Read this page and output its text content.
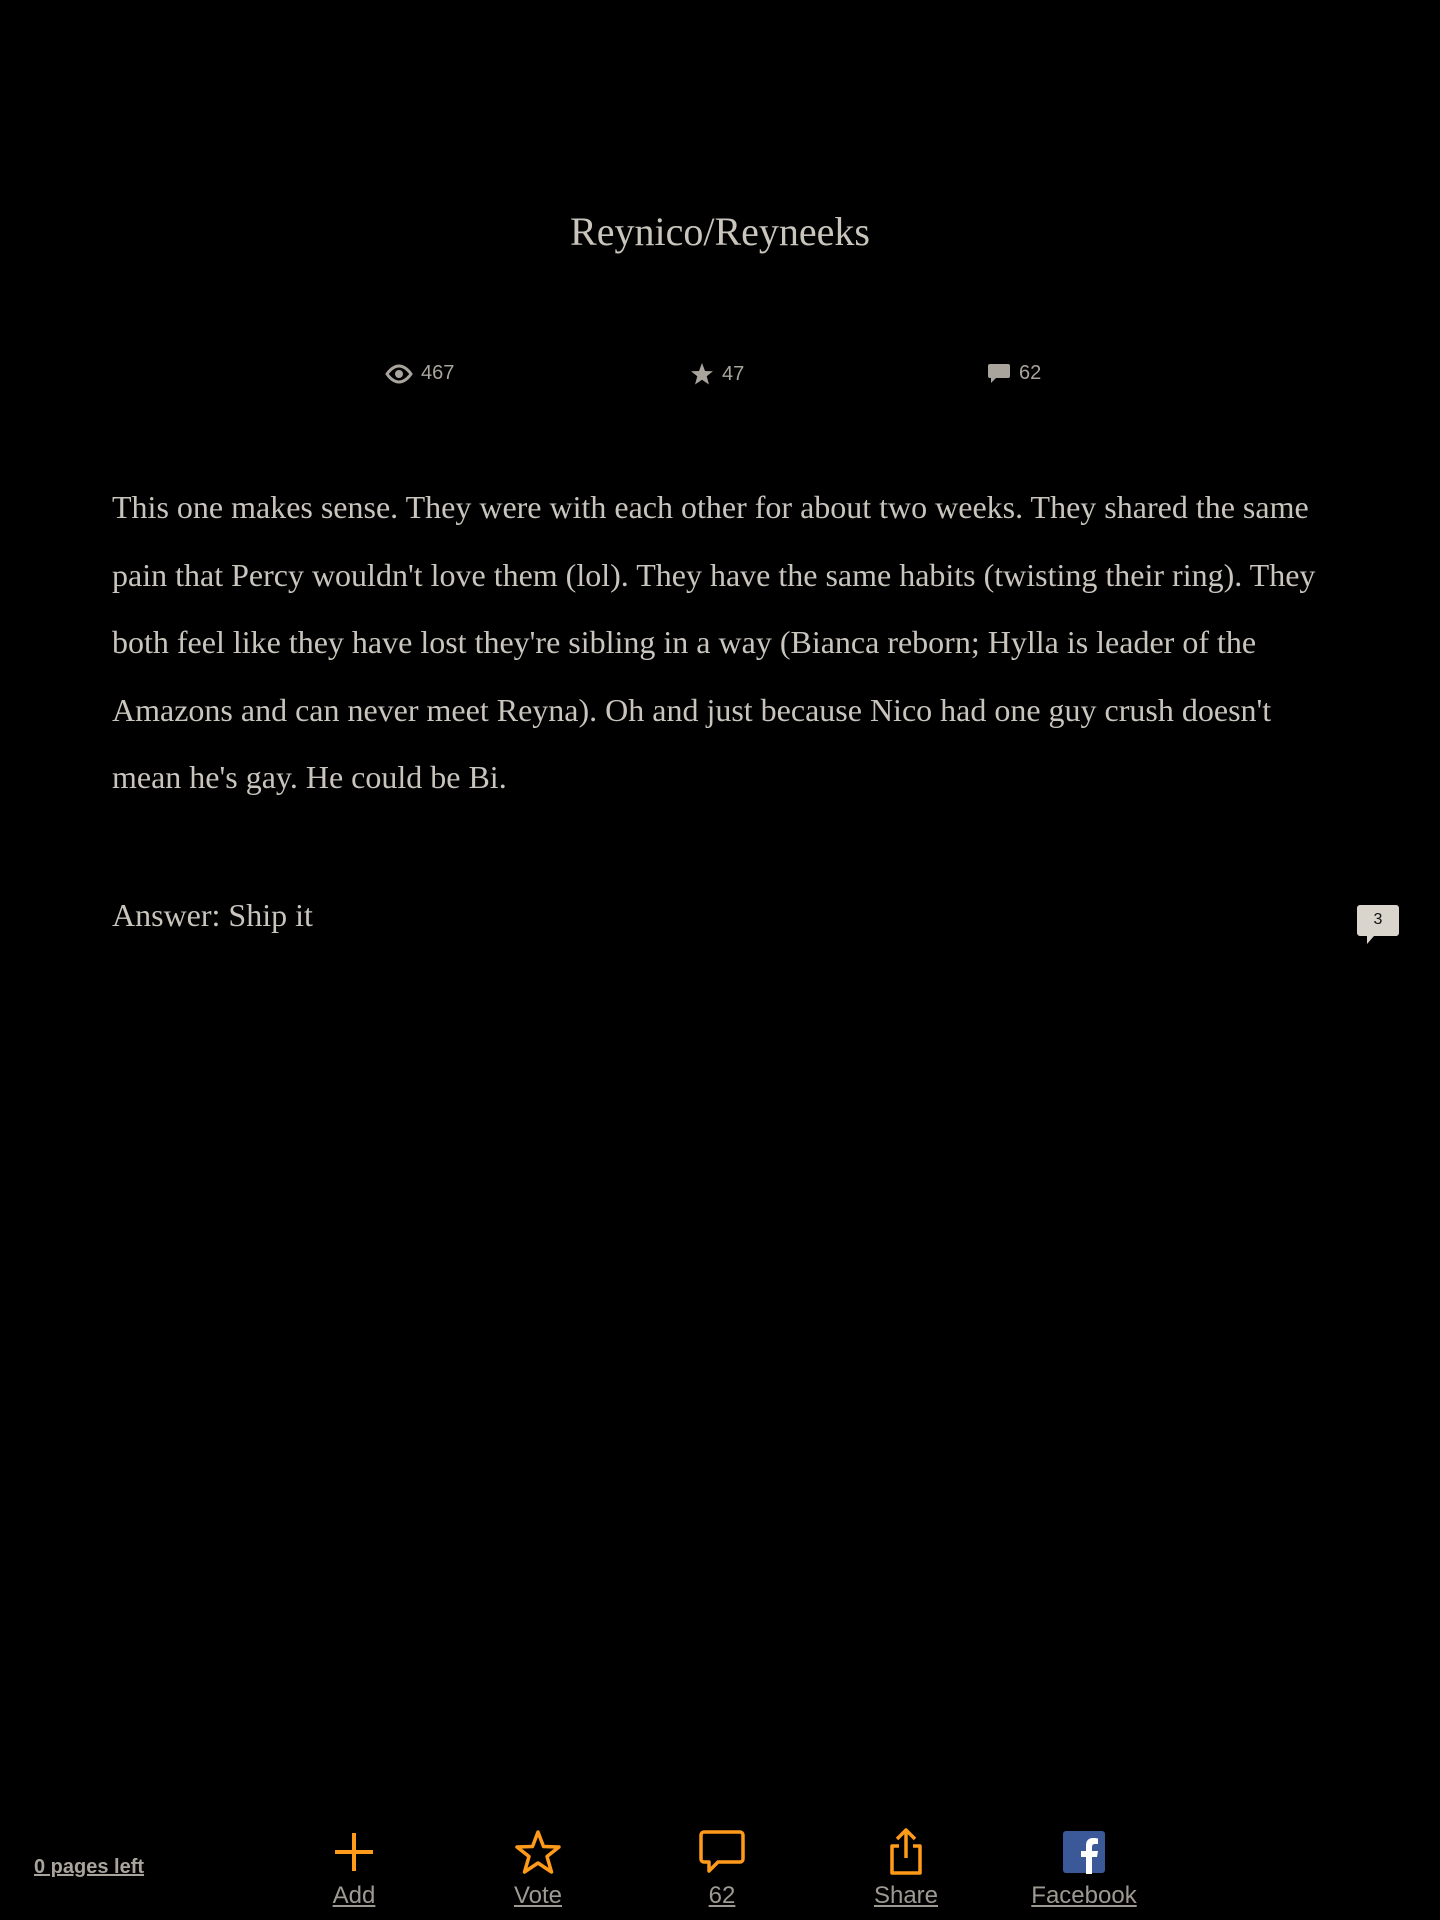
Reynico/Reyneeks
467	47	62

This one makes sense. They were with each other for about two weeks. They shared the same pain that Percy wouldn't love them (lol). They have the same habits (twisting their ring). They both feel like they have lost they're sibling in a way (Bianca reborn; Hylla is leader of the Amazons and can never meet Reyna). Oh and just because Nico had one guy crush doesn't mean he's gay. He could be Bi.

Answer: Ship it	3
0 pages left
Add	Vote	62	Share	Facebook
